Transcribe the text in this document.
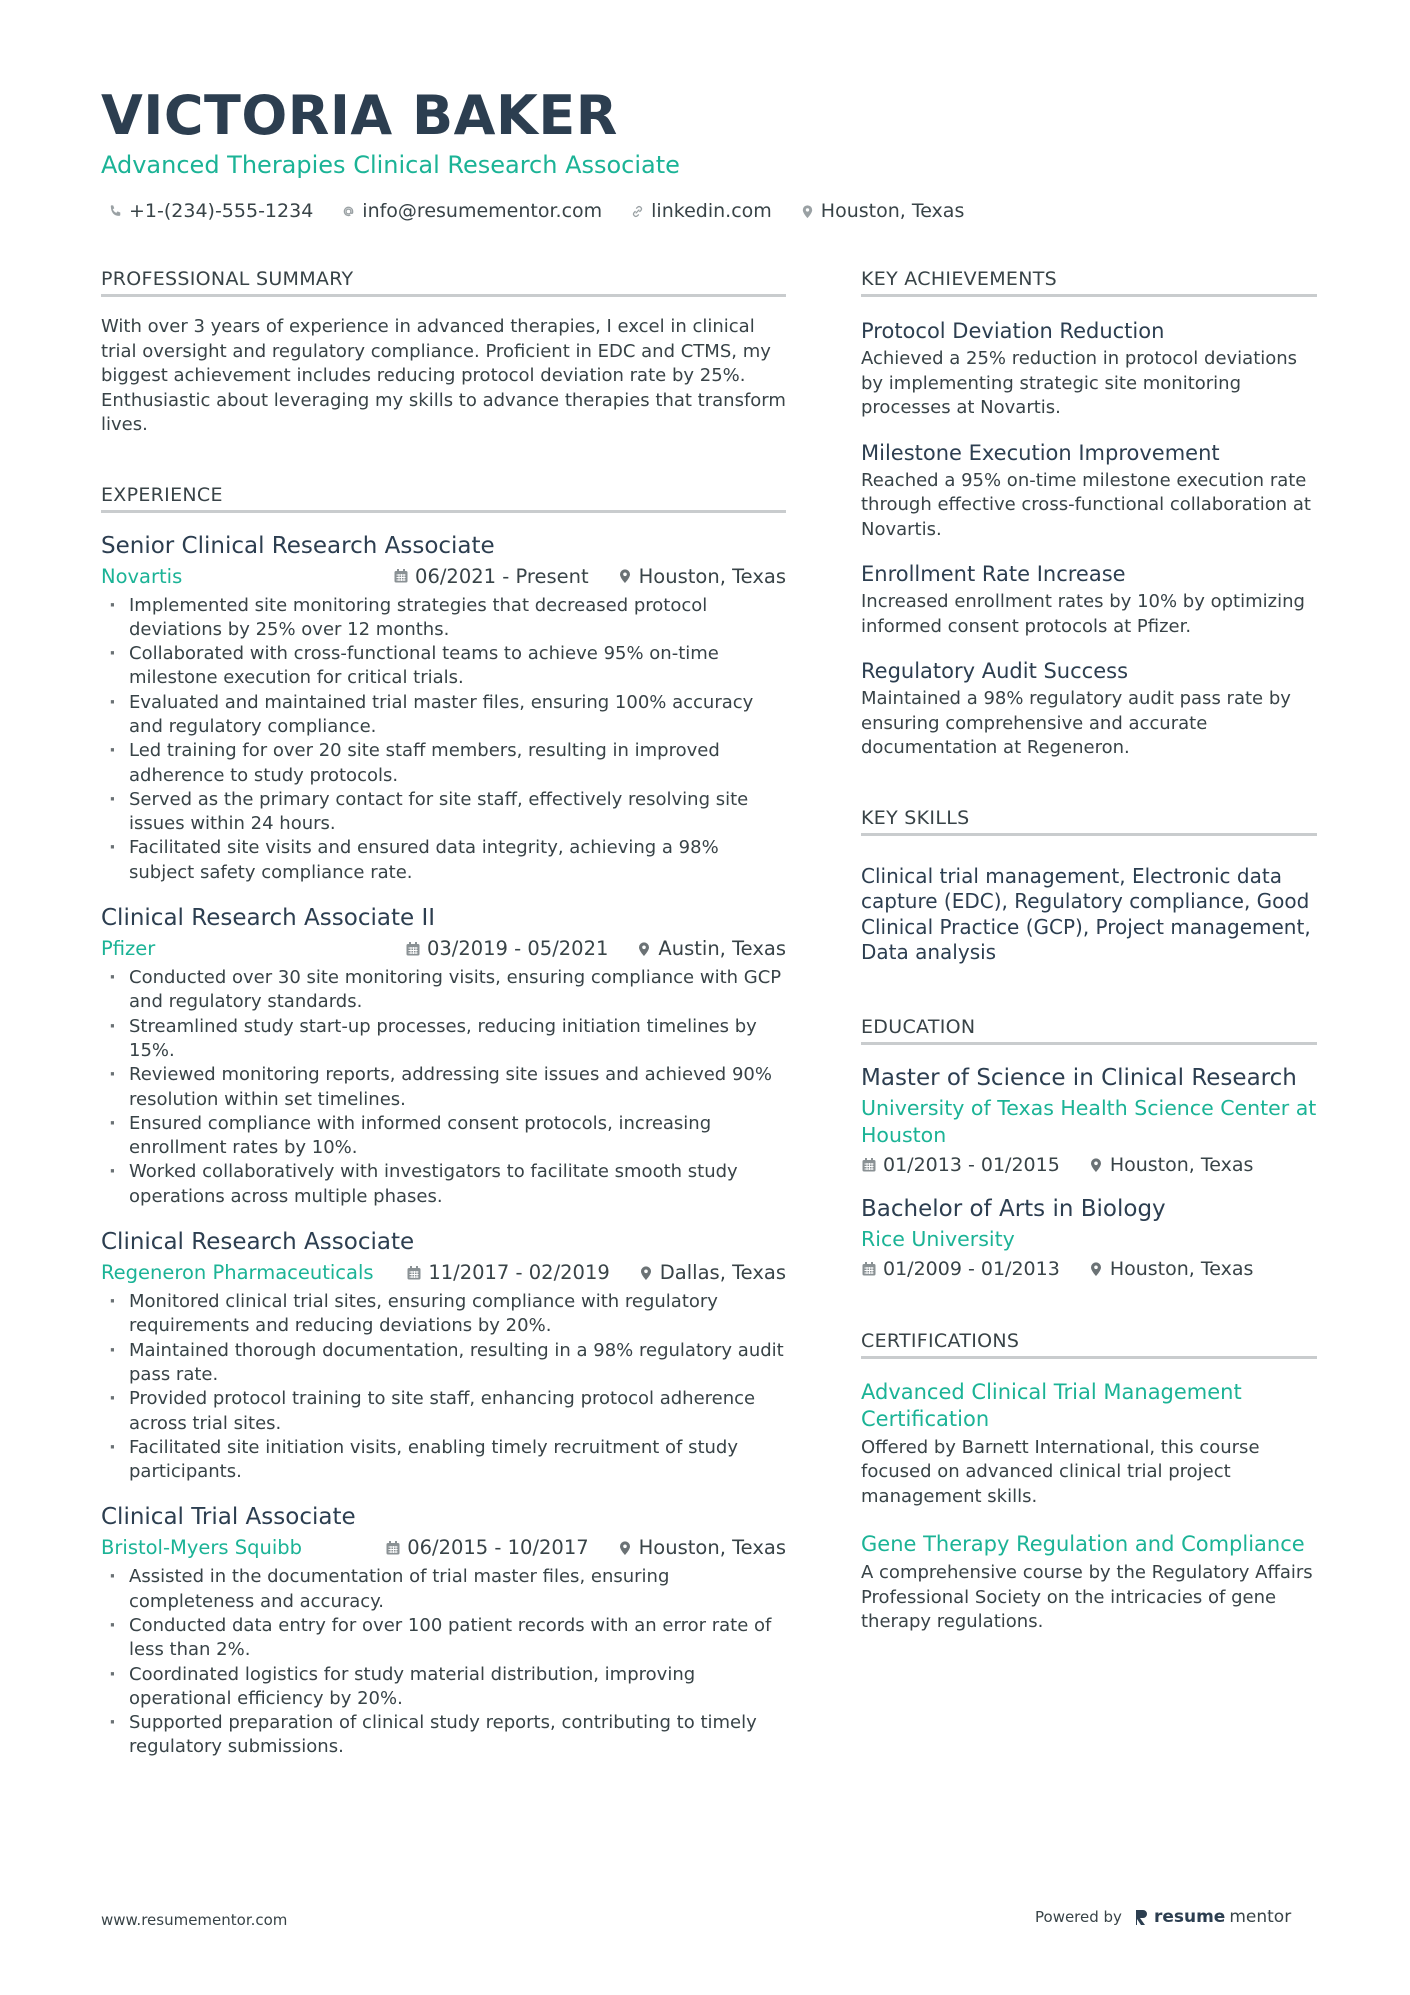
VICTORIA BAKER
Advanced Therapies Clinical Research Associate
+1-(234)-555-1234	info@resumementor.com	linkedin.com	Houston, Texas
PROFESSIONAL SUMMARY
With over 3 years of experience in advanced therapies, I excel in clinical trial oversight and regulatory compliance. Proficient in EDC and CTMS, my biggest achievement includes reducing protocol deviation rate by 25%. Enthusiastic about leveraging my skills to advance therapies that transform lives.
EXPERIENCE
Senior Clinical Research Associate
Novartis	06/2021 - Present	Houston, Texas
· Implemented site monitoring strategies that decreased protocol deviations by 25% over 12 months.
· Collaborated with cross-functional teams to achieve 95% on-time milestone execution for critical trials.
· Evaluated and maintained trial master files, ensuring 100% accuracy and regulatory compliance.
· Led training for over 20 site staff members, resulting in improved adherence to study protocols.
· Served as the primary contact for site staff, effectively resolving site issues within 24 hours.
· Facilitated site visits and ensured data integrity, achieving a 98% subject safety compliance rate.
Clinical Research Associate II
Pfizer	03/2019 - 05/2021	Austin, Texas
· Conducted over 30 site monitoring visits, ensuring compliance with GCP and regulatory standards.
· Streamlined study start-up processes, reducing initiation timelines by 15%.
· Reviewed monitoring reports, addressing site issues and achieved 90% resolution within set timelines.
· Ensured compliance with informed consent protocols, increasing enrollment rates by 10%.
· Worked collaboratively with investigators to facilitate smooth study operations across multiple phases.
Clinical Research Associate
Regeneron Pharmaceuticals	11/2017 - 02/2019	Dallas, Texas
· Monitored clinical trial sites, ensuring compliance with regulatory requirements and reducing deviations by 20%.
· Maintained thorough documentation, resulting in a 98% regulatory audit pass rate.
· Provided protocol training to site staff, enhancing protocol adherence across trial sites.
· Facilitated site initiation visits, enabling timely recruitment of study participants.
Clinical Trial Associate
Bristol-Myers Squibb	06/2015 - 10/2017	Houston, Texas
· Assisted in the documentation of trial master files, ensuring completeness and accuracy.
· Conducted data entry for over 100 patient records with an error rate of less than 2%.
· Coordinated logistics for study material distribution, improving operational efficiency by 20%.
· Supported preparation of clinical study reports, contributing to timely regulatory submissions.
KEY ACHIEVEMENTS
Protocol Deviation Reduction
Achieved a 25% reduction in protocol deviations by implementing strategic site monitoring processes at Novartis.
Milestone Execution Improvement
Reached a 95% on-time milestone execution rate through effective cross-functional collaboration at Novartis.
Enrollment Rate Increase
Increased enrollment rates by 10% by optimizing informed consent protocols at Pfizer.
Regulatory Audit Success
Maintained a 98% regulatory audit pass rate by ensuring comprehensive and accurate documentation at Regeneron.
KEY SKILLS
Clinical trial management, Electronic data capture (EDC), Regulatory compliance, Good Clinical Practice (GCP), Project management, Data analysis
EDUCATION
Master of Science in Clinical Research
University of Texas Health Science Center at Houston
01/2013 - 01/2015	Houston, Texas
Bachelor of Arts in Biology
Rice University
01/2009 - 01/2013	Houston, Texas
CERTIFICATIONS
Advanced Clinical Trial Management Certification
Offered by Barnett International, this course focused on advanced clinical trial project management skills.
Gene Therapy Regulation and Compliance
A comprehensive course by the Regulatory Affairs Professional Society on the intricacies of gene therapy regulations.
www.resumementor.com	Powered by resume mentor
